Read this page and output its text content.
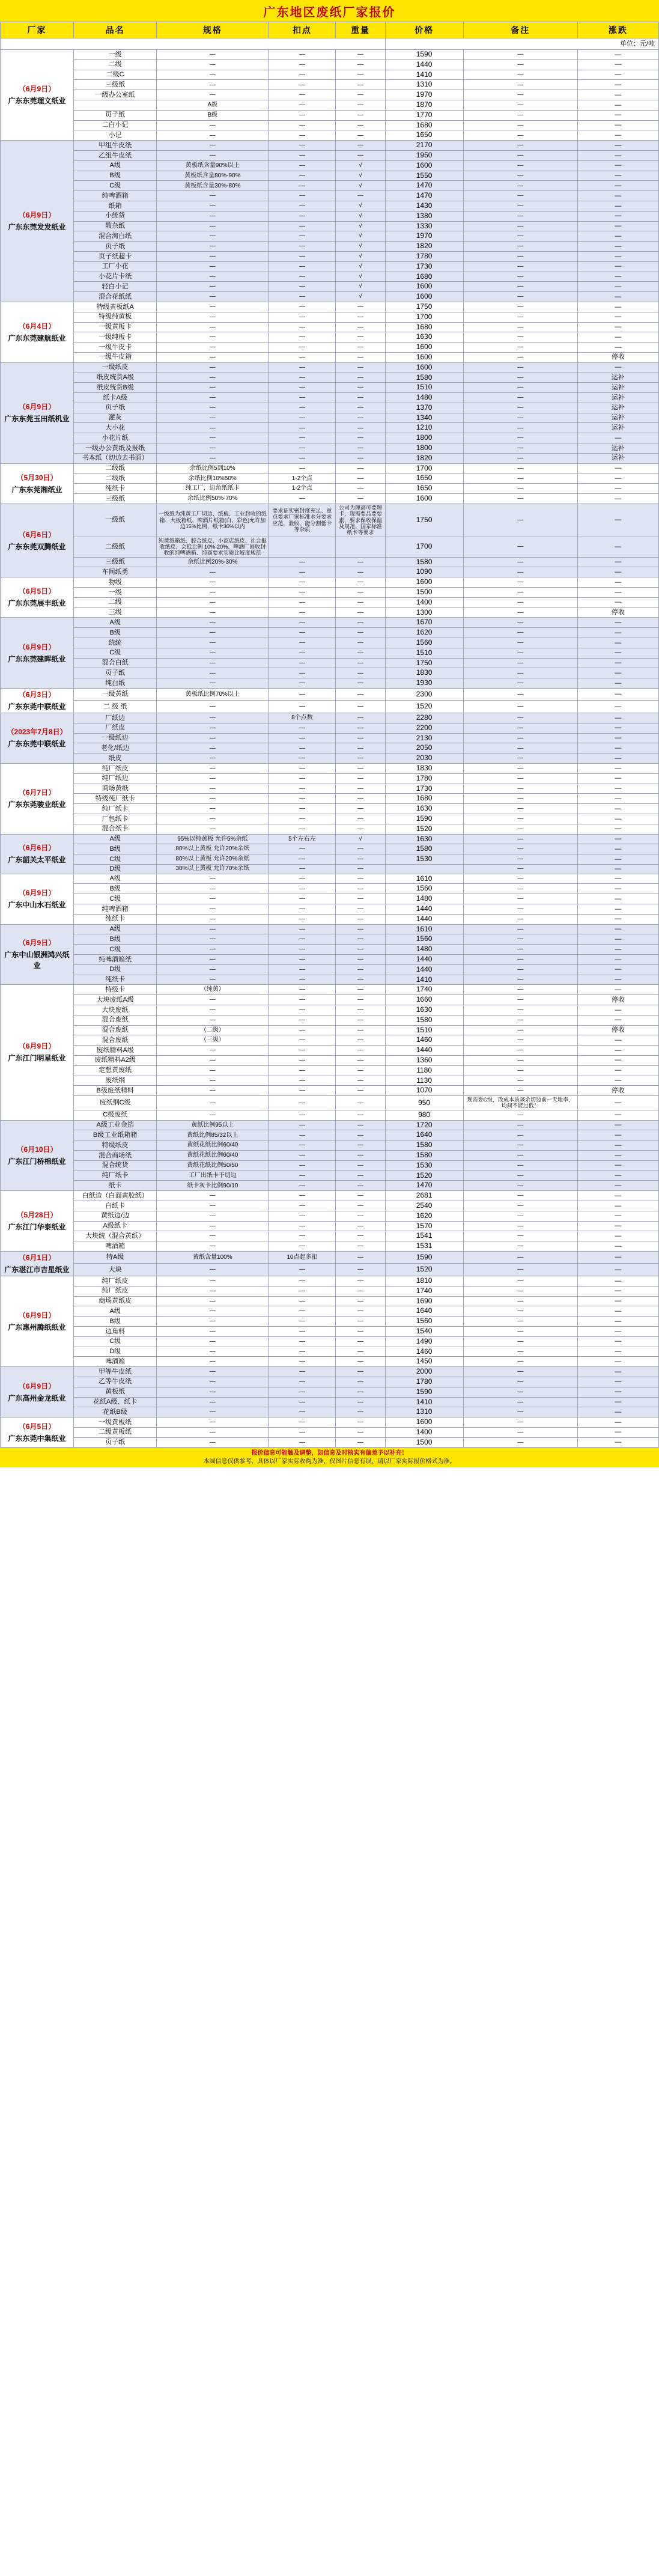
广东地区废纸厂家报价
厂家	品名	规格	扣点	重量	价格	备注	涨跌
					单位：元/吨		

（6月9日）
广东东莞理文纸业	一级	—	—	—	1590	—	—
	二级	—	—	—	1440	—	—
	二级C	—	—	—	1410	—	—
	三级纸	—	—	—	1310	—	—
	一级办公室纸	—	—	—	1970	—	—
		A级	—	—	1870	—	—
	页子纸	B级	—	—	1770	—	—
	二白小记	—	—	—	1680	—	—
	小记	—	—	—	1650	—	—

（6月9日）
广东东莞发发纸业	甲组牛皮纸	—	—	—	2170	—	—
	乙组牛皮纸	—	—	—	1950	—	—
	A级	黄板纸含量90%以上	—	√	1600	—	—
	B级	黄板纸含量80%-90%	—	√	1550	—	—
	C级	黄板纸含量30%-80%	—	√	1470	—	—
	纯啤酒箱	—	—	—	1470	—	—
	纸箱	—	—	√	1430	—	—
	小统货	—	—	√	1380	—	—
	散杂纸	—	—	√	1330	—	—
	混合淘白纸	—	—	√	1970	—	—
	页子纸	—	—	√	1820	—	—
	页子纸超卡	—	—	√	1780	—	—
	工厂小花	—	—	√	1730	—	—
	小花片卡纸	—	—	√	1680	—	—
	轻白小记	—	—	√	1600	—	—
	混合花纸纸	—	—	√	1600	—	—

（6月4日）
广东东莞建航纸业	特级黄板纸A	—	—	—	1750	—	—
	特级纯黄板	—	—	—	1700	—	—
	一级黄板卡	—	—	—	1680	—	—
	一级纯板卡	—	—	—	1630	—	—
	一级牛皮卡	—	—	—	1600	—	—
	一级牛皮箱	—	—	—	1600	—	停收

（6月9日）
广东东莞玉田纸机业	一级纸皮	—	—	—	1600	—	—
	纸皮统货A级	—	—	—	1580	—	运补
	纸皮统货B级	—	—	—	1510	—	运补
	纸卡A级	—	—	—	1480	—	运补
	页子纸	—	—	—	1370	—	运补
	灌灰	—	—	—	1340	—	运补
	大小花	—	—	—	1210	—	运补
	小花片纸	—	—	—	1800	—	—
	一级办公黄纸及报纸	—	—	—	1800	—	运补
	书本纸（切边去书面）	—	—	—	1820	—	运补

（5月30日）
广东东莞湘纸业	二级纸	余纸比例5到10%	—	—	1700	—	—
	二级纸	余纸比例10%50%	1-2个点	—	1650	—	—
	纯纸卡	纯工厂，边角纸纸卡	1-2个点	—	1650	—	—
	三级纸	余纸比例50%-70%	—	—	1600	—	—

（6月6日）
广东东莞双腾纸业	一级纸	一级纸为纯黄工厂切边、纸板、工业封收的纸箱、大板箱纸、啤酒片纸箱(白、彩色)允许加边15%比例，纸卡30%以内	要求证实密封度充足、重点要求厂家标准水分要求应范，验收，能分割低卡等杂质	公司为理高可要理卡，现需要品要要素，要求保收保温及规范、国家标准纸卡等要求	1750	—	—
	二级纸	纯黄纸箱纸、胶合纸皮、小商店纸皮、社会报收纸皮、会低比例 10%-20%、啤酒厂回收封收的纯啤酒箱、纯商要求实质比较度规范			1700	—	—
	三级纸	余纸比例20%-30%	—	—	1580	—	—
	车间纸勇	—	—	—	1090	—	—

（6月5日）
广东东莞展丰纸业	物级	—	—	—	1600	—	—
	一级	—	—	—	1500	—	—
	二级	—	—	—	1400	—	—
	三级	—	—	—	1300	—	停收

（6月9日）
广东东莞建晖纸业	A级	—	—	—	1670	—	—
	B级	—	—	—	1620	—	—
	统统	—	—	—	1560	—	—
	C级	—	—	—	1510	—	—
	混合白纸	—	—	—	1750	—	—
	页子纸	—	—	—	1830	—	—
	纯白纸	—	—	—	1930	—	—

（6月3日）
广东东莞中联纸业	一级黄纸	黄板纸比例70%以上	—	—	2300	—	—
	二 级 纸	—	—	—	1520	—	—

（2023年7月8日）
广东东莞中联纸业	厂纸边	—	8个点数	—	2280	—	—
	厂纸皮	—	—	—	2200	—	—
	一级纸边	—	—	—	2130	—	—
	老化/纸边	—	—	—	2050	—	—
	纸皮	—	—	—	2030	—	—

（6月7日）
广东东莞骏业纸业	纯厂纸皮	—	—	—	1830	—	—
	纯厂纸边	—	—	—	1780	—	—
	商场黄纸	—	—	—	1730	—	—
	特级纯厂纸卡	—	—	—	1680	—	—
	纯厂纸卡	—	—	—	1630	—	—
	厂包纸卡	—	—	—	1590	—	—
	混合纸卡	—	—	—	1520	—	—

（6月6日）
广东韶关太平纸业	A级	95%以纯黄板 允许5%余纸	5个左右左	√	1630	—	—
	B级	80%以上黄板 允许20%余纸	—	—	1580	—	—
	C级	80%以上黄板 允许20%余纸	—	—	1530	—	—
	D级	30%以上黄板 允许70%余纸	—	—		—	—

（6月9日）
广东中山水石纸业	A级	—	—	—	1610	—	—
	B级	—	—	—	1560	—	—
	C级	—	—	—	1480	—	—
	纯啤酒箱	—	—	—	1440	—	—
	纯纸卡	—	—	—	1440	—	—

（6月9日）
广东中山银洲鸿兴纸业	A级	—	—	—	1610	—	—
	B级	—	—	—	1560	—	—
	C级	—	—	—	1480	—	—
	纯啤酒箱纸	—	—	—	1440	—	—
	D级	—	—	—	1440	—	—
	纯纸卡	—	—	—	1410	—	—

（6月9日）
广东江门明星纸业	特级卡	（纯黄）	—	—	1740	—	—
	大块废纸A级	—	—	—	1660	—	停收
	大块废纸	—	—	—	1630	—	—
	混合废纸	—	—	—	1580	—	—
	混合废纸	（二级）	—	—	1510	—	停收
	混合废纸	（三级）	—	—	1460	—	—
	废纸精料A级	—	—	—	1440	—	—
	废纸精料A2级	—	—	—	1360	—	—
	定想黄废纸	—	—	—	1180	—	—
	废纸纲	—	—	—	1130	—	—
	B级废纸精料	—	—	—	1070	—	停收
	废纸纲C级	—	—	—	950	现需要C级，改成本质该余切边前一天地率，均间不能过低！	—
	C级废纸	—	—	—	980	—	—

（6月10日）
广东江门桥棉纸业	A级工业金箔	黄纸比例95以上	—	—	1720	—	—
	B级工业纸箱箱	黄纸比例85/32以上	—	—	1640	—	—
	特级纸皮	黄纸花纸比例60/40	—	—	1580	—	—
	混合商场纸	黄纸花纸比例60/40	—	—	1580	—	—
	混合统货	黄纸花纸比例50/50	—	—	1530	—	—
	纯厂纸卡	工厂出纸卡干切边	—	—	1520	—	—
	纸卡	纸卡灰卡比例90/10	—	—	1470	—	—

（5月28日）
广东江门华泰纸业	白纸边（白面黄胶纸）	—	—	—	2681	—	—
	白纸卡	—	—	—	2540	—	—
	黄纸边/边	—	—	—	1620	—	—
	A级纸卡	—	—	—	1570	—	—
	大块统（混合黄纸）	—	—	—	1541	—	—
	啤酒箱	—	—	—	1531	—	—

（6月1日）
广东湛江市吉星纸业	特A级	黄纸含量100%	10点起多扣	—	1590	—	—
	大块	—	—	—	1520	—	—

（6月9日）
广东惠州腾纸纸业	纯厂纸皮	—	—	—	1810	—	—
	纯厂纸皮	—	—	—	1740	—	—
	商场黄纸皮	—	—	—	1690	—	—
	A级	—	—	—	1640	—	—
	B级	—	—	—	1560	—	—
	边角料	—	—	—	1540	—	—
	C级	—	—	—	1490	—	—
	D级	—	—	—	1460	—	—
	啤酒箱	—	—	—	1450	—	—

（6月9日）
广东高州金龙纸业	甲等牛皮纸	—	—	—	2000	—	—
	乙等牛皮纸	—	—	—	1780	—	—
	黄板纸	—	—	—	1590	—	—
	花纸A级、纸卡	—	—	—	1410	—	—
	花纸B级	—	—	—	1310	—	—

（6月5日）
广东东莞中集纸业	一级黄板纸	—	—	—	1600	—	—
	二级黄板纸	—	—	—	1400	—	—
	页子纸	—	—	—	1500	—	—
报价信息可能触及调整，如信息及时核实有偏差予以补充！
本圆信息仅供参考，具体以厂家实际收购为准，仅图片信息有误，请以厂家实际报价格式为准。
